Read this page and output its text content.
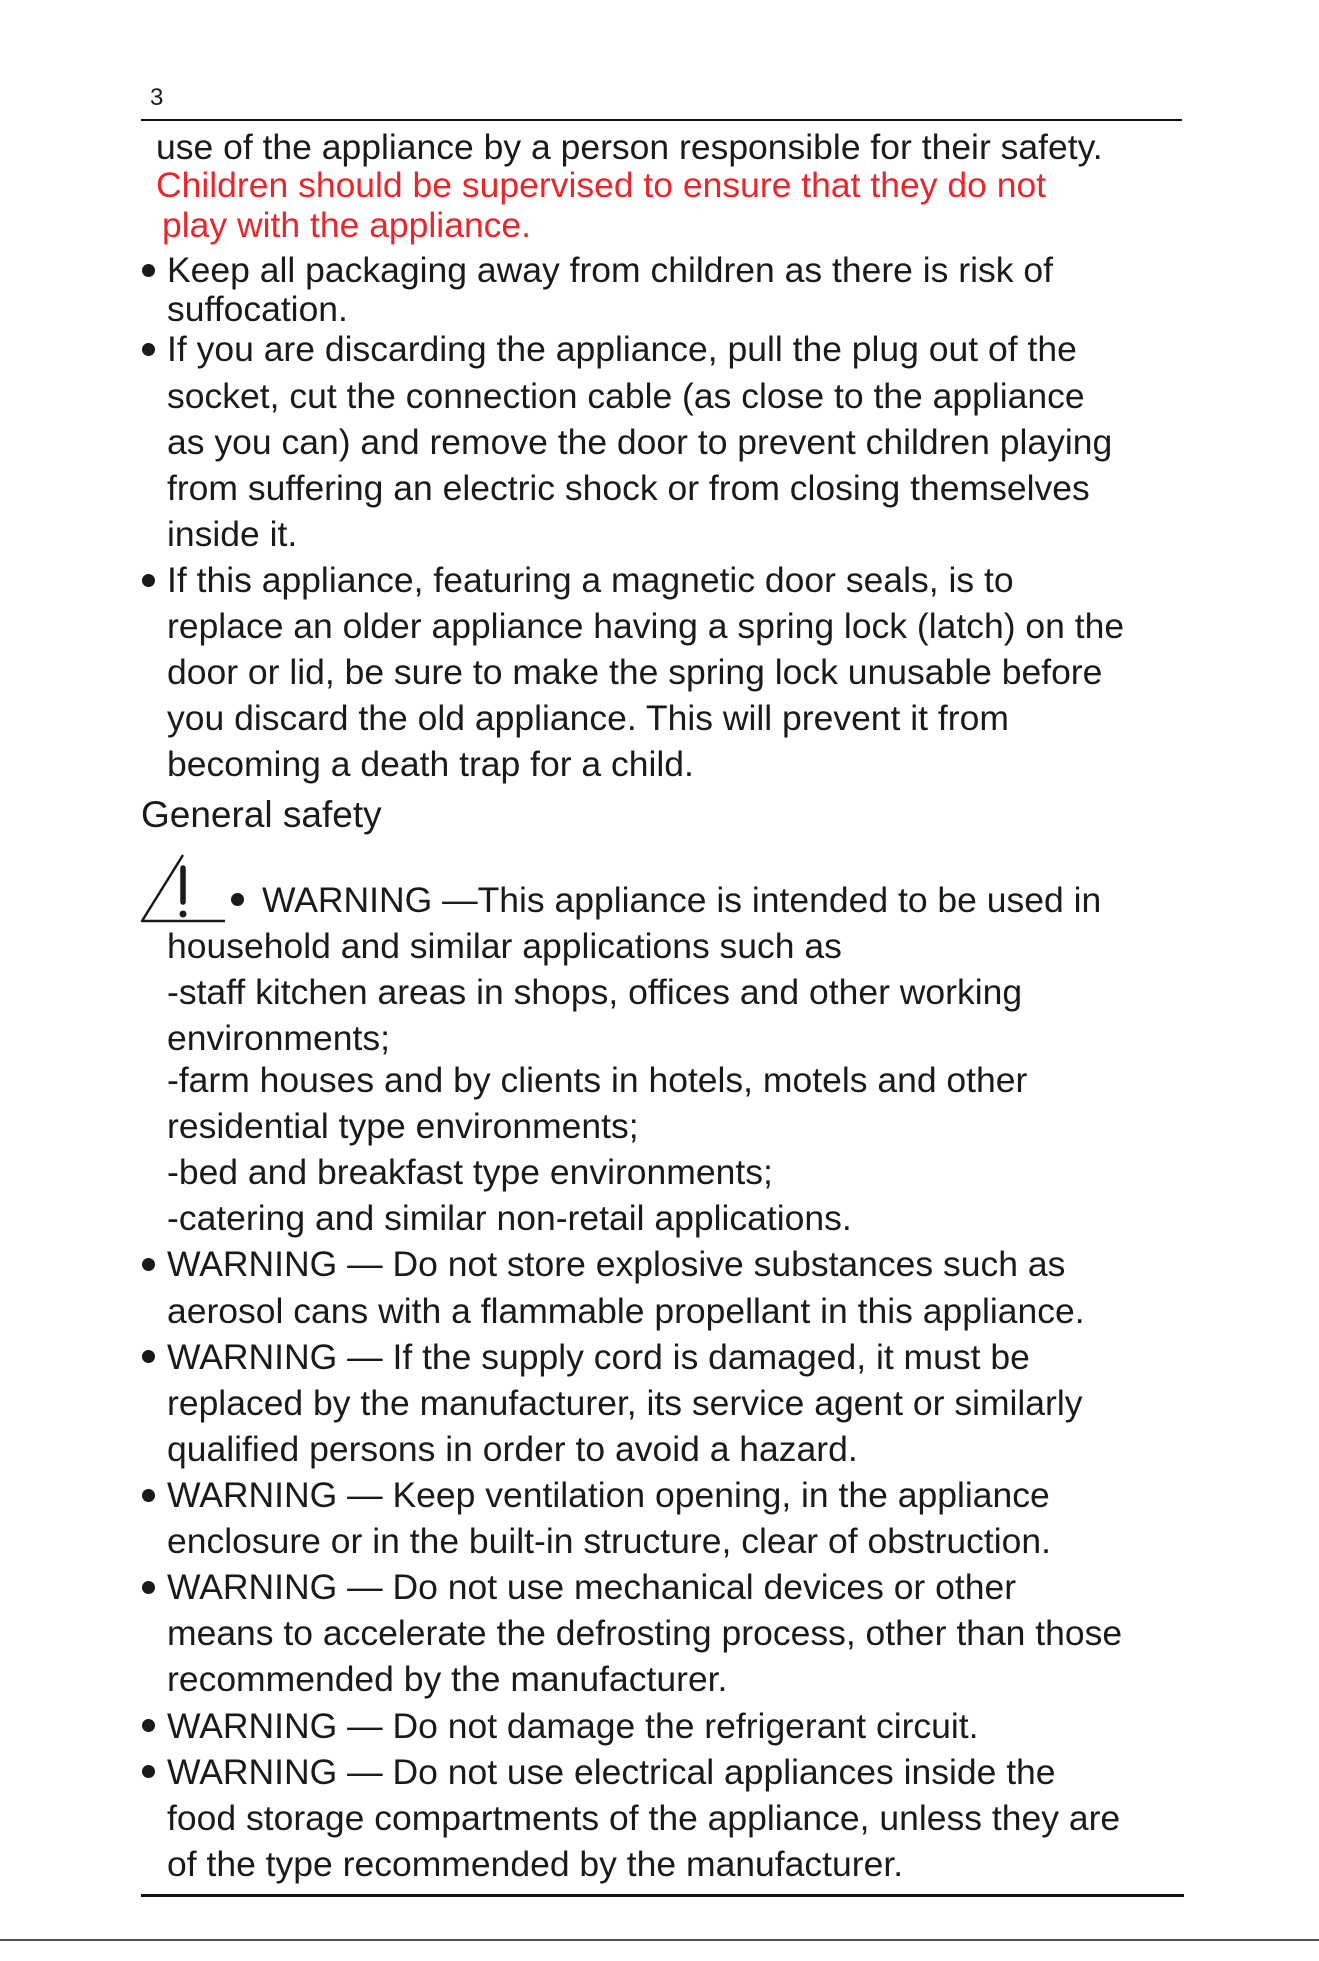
3
use of the appliance by a person responsible for their safety.
Children should be supervised to ensure that they do not
play with the appliance.
Keep all packaging away from children as there is risk of
suffocation.
If you are discarding the appliance, pull the plug out of the
socket, cut the connection cable (as close to the appliance
as you can) and remove the door to prevent children playing
from suffering an electric shock or from closing themselves
inside it.
If this appliance, featuring a magnetic door seals, is to
replace an older appliance having a spring lock (latch) on the
door or lid, be sure to make the spring lock unusable before
you discard the old appliance. This will prevent it from
becoming a death trap for a child.
General safety
WARNING —This appliance is intended to be used in
household and similar applications such as
-staff kitchen areas in shops, offices and other working
environments;
-farm houses and by clients in hotels, motels and other
residential type environments;
-bed and breakfast type environments;
-catering and similar non-retail applications.
WARNING — Do not store explosive substances such as
aerosol cans with a flammable propellant in this appliance.
WARNING — If the supply cord is damaged, it must be
replaced by the manufacturer, its service agent or similarly
qualified persons in order to avoid a hazard.
WARNING — Keep ventilation opening, in the appliance
enclosure or in the built-in structure, clear of obstruction.
WARNING — Do not use mechanical devices or other
means to accelerate the defrosting process, other than those
recommended by the manufacturer.
WARNING — Do not damage the refrigerant circuit.
WARNING — Do not use electrical appliances inside the
food storage compartments of the appliance, unless they are
of the type recommended by the manufacturer.
